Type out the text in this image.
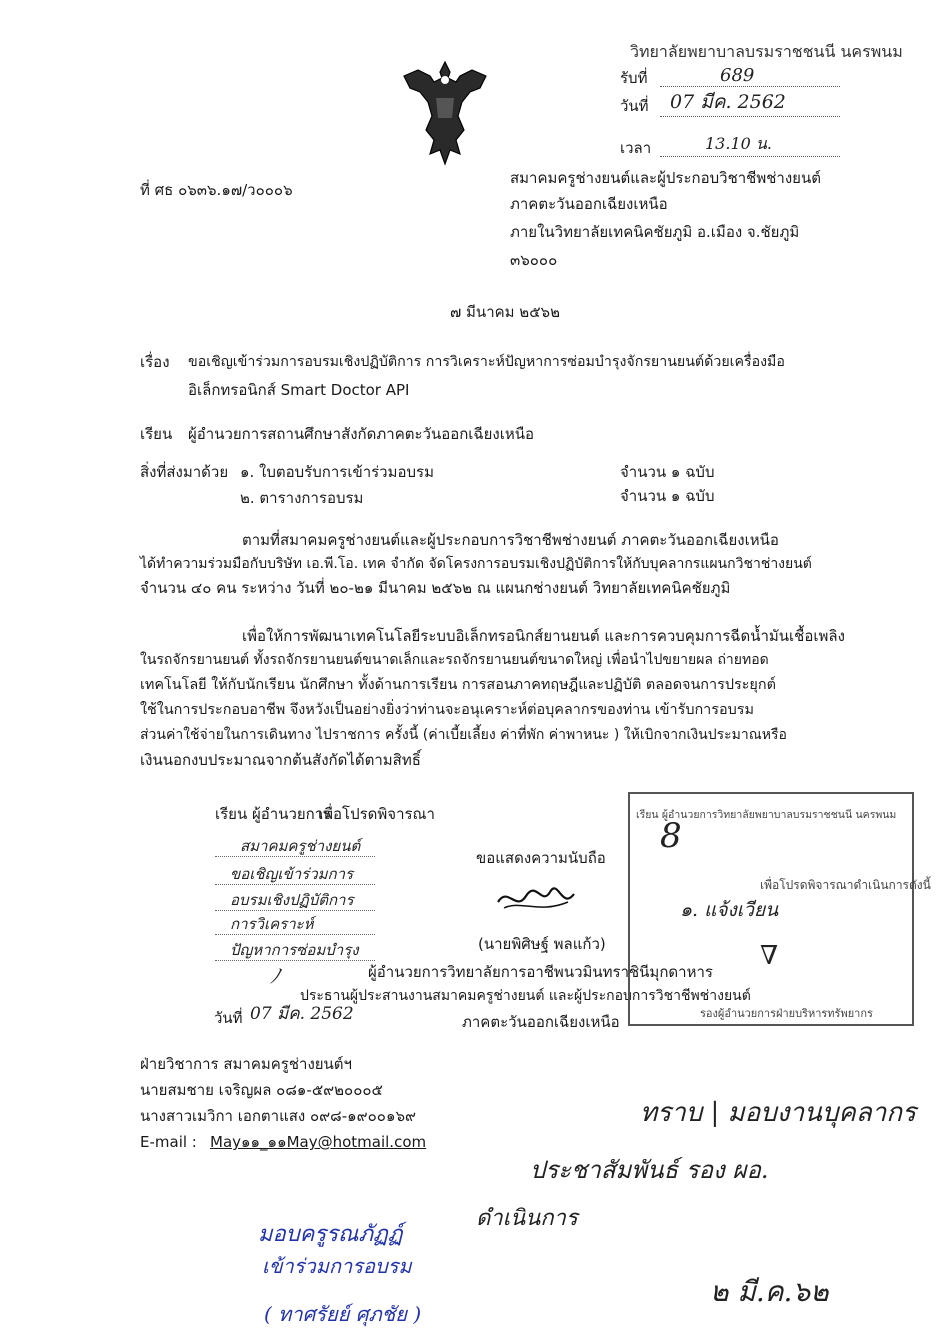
วิทยาลัยพยาบาลบรมราชชนนี นครพนม
รับที่	689
วันที่ 07 มีค. 2562
เวลา	13.10 น.
ที่ ศธ ๐๖๓๖.๑๗/ว๐๐๐๖
สมาคมครูช่างยนต์และผู้ประกอบวิชาชีพช่างยนต์
ภาคตะวันออกเฉียงเหนือ
ภายในวิทยาลัยเทคนิคชัยภูมิ อ.เมือง จ.ชัยภูมิ
๓๖๐๐๐
๗ มีนาคม ๒๕๖๒
เรื่อง ขอเชิญเข้าร่วมการอบรมเชิงปฏิบัติการ การวิเคราะห์ปัญหาการซ่อมบำรุงจักรยานยนต์ด้วยเครื่องมือ
อิเล็กทรอนิกส์ Smart Doctor API
เรียน ผู้อำนวยการสถานศึกษาสังกัดภาคตะวันออกเฉียงเหนือ
สิ่งที่ส่งมาด้วย ๑. ใบตอบรับการเข้าร่วมอบรม	จำนวน ๑ ฉบับ
๒. ตารางการอบรม	จำนวน ๑ ฉบับ

ตามที่สมาคมครูช่างยนต์และผู้ประกอบการวิชาชีพช่างยนต์ ภาคตะวันออกเฉียงเหนือ

ได้ทำความร่วมมือกับบริษัท เอ.พี.โอ. เทค จำกัด จัดโครงการอบรมเชิงปฏิบัติการให้กับบุคลากรแผนกวิชาช่างยนต์

จำนวน ๔๐ คน ระหว่าง วันที่ ๒๐-๒๑ มีนาคม ๒๕๖๒ ณ แผนกช่างยนต์ วิทยาลัยเทคนิคชัยภูมิ

เพื่อให้การพัฒนาเทคโนโลยีระบบอิเล็กทรอนิกส์ยานยนต์ และการควบคุมการฉีดน้ำมันเชื้อเพลิง

ในรถจักรยานยนต์ ทั้งรถจักรยานยนต์ขนาดเล็กและรถจักรยานยนต์ขนาดใหญ่ เพื่อนำไปขยายผล ถ่ายทอด

เทคโนโลยี ให้กับนักเรียน นักศึกษา ทั้งด้านการเรียน การสอนภาคทฤษฎีและปฏิบัติ ตลอดจนการประยุกต์

ใช้ในการประกอบอาชีพ จึงหวังเป็นอย่างยิ่งว่าท่านจะอนุเคราะห์ต่อบุคลากรของท่าน เข้ารับการอบรม

ส่วนค่าใช้จ่ายในการเดินทาง ไปราชการ ครั้งนี้ (ค่าเบี้ยเลี้ยง ค่าที่พัก ค่าพาหนะ ) ให้เบิกจากเงินประมาณหรือ

เงินนอกงบประมาณจากต้นสังกัดได้ตามสิทธิ์

เรียน ผู้อำนวยการ
เพื่อโปรดพิจารณา
สมาคมครูช่างยนต์
ขอเชิญเข้าร่วมการ
อบรมเชิงปฏิบัติการ
การวิเคราะห์
ปัญหาการซ่อมบำรุง
ﾉ
วันที่ 07 มีค. 2562
ขอแสดงความนับถือ
(นายพิศิษฐ์ พลแก้ว)
ผู้อำนวยการวิทยาลัยการอาชีพนวมินทราชินีมุกดาหาร
ประธานผู้ประสานงานสมาคมครูช่างยนต์ และผู้ประกอบการวิชาชีพช่างยนต์
ภาคตะวันออกเฉียงเหนือ
เรียน ผู้อำนวยการวิทยาลัยพยาบาลบรมราชชนนี นครพนม
8
เพื่อโปรดพิจารณาดำเนินการดังนี้
๑. แจ้งเวียน
∇
รองผู้อำนวยการฝ่ายบริหารทรัพยากร
ฝ่ายวิชาการ สมาคมครูช่างยนต์ฯ
นายสมชาย เจริญผล ๐๘๑-๕๙๒๐๐๐๕
นางสาวเมวิกา เอกตาแสง ๐๙๘-๑๙๐๐๑๖๙
E-mail : May๑๑_๑๑May@hotmail.com
ทราบ | มอบงานบุคลากร
ประชาสัมพันธ์ รอง ผอ.
ดำเนินการ
๒ มี.ค.๖๒
มอบครูรณภัฏฏ์
เข้าร่วมการอบรม
( ทาศรัยย์ ศุภชัย )
